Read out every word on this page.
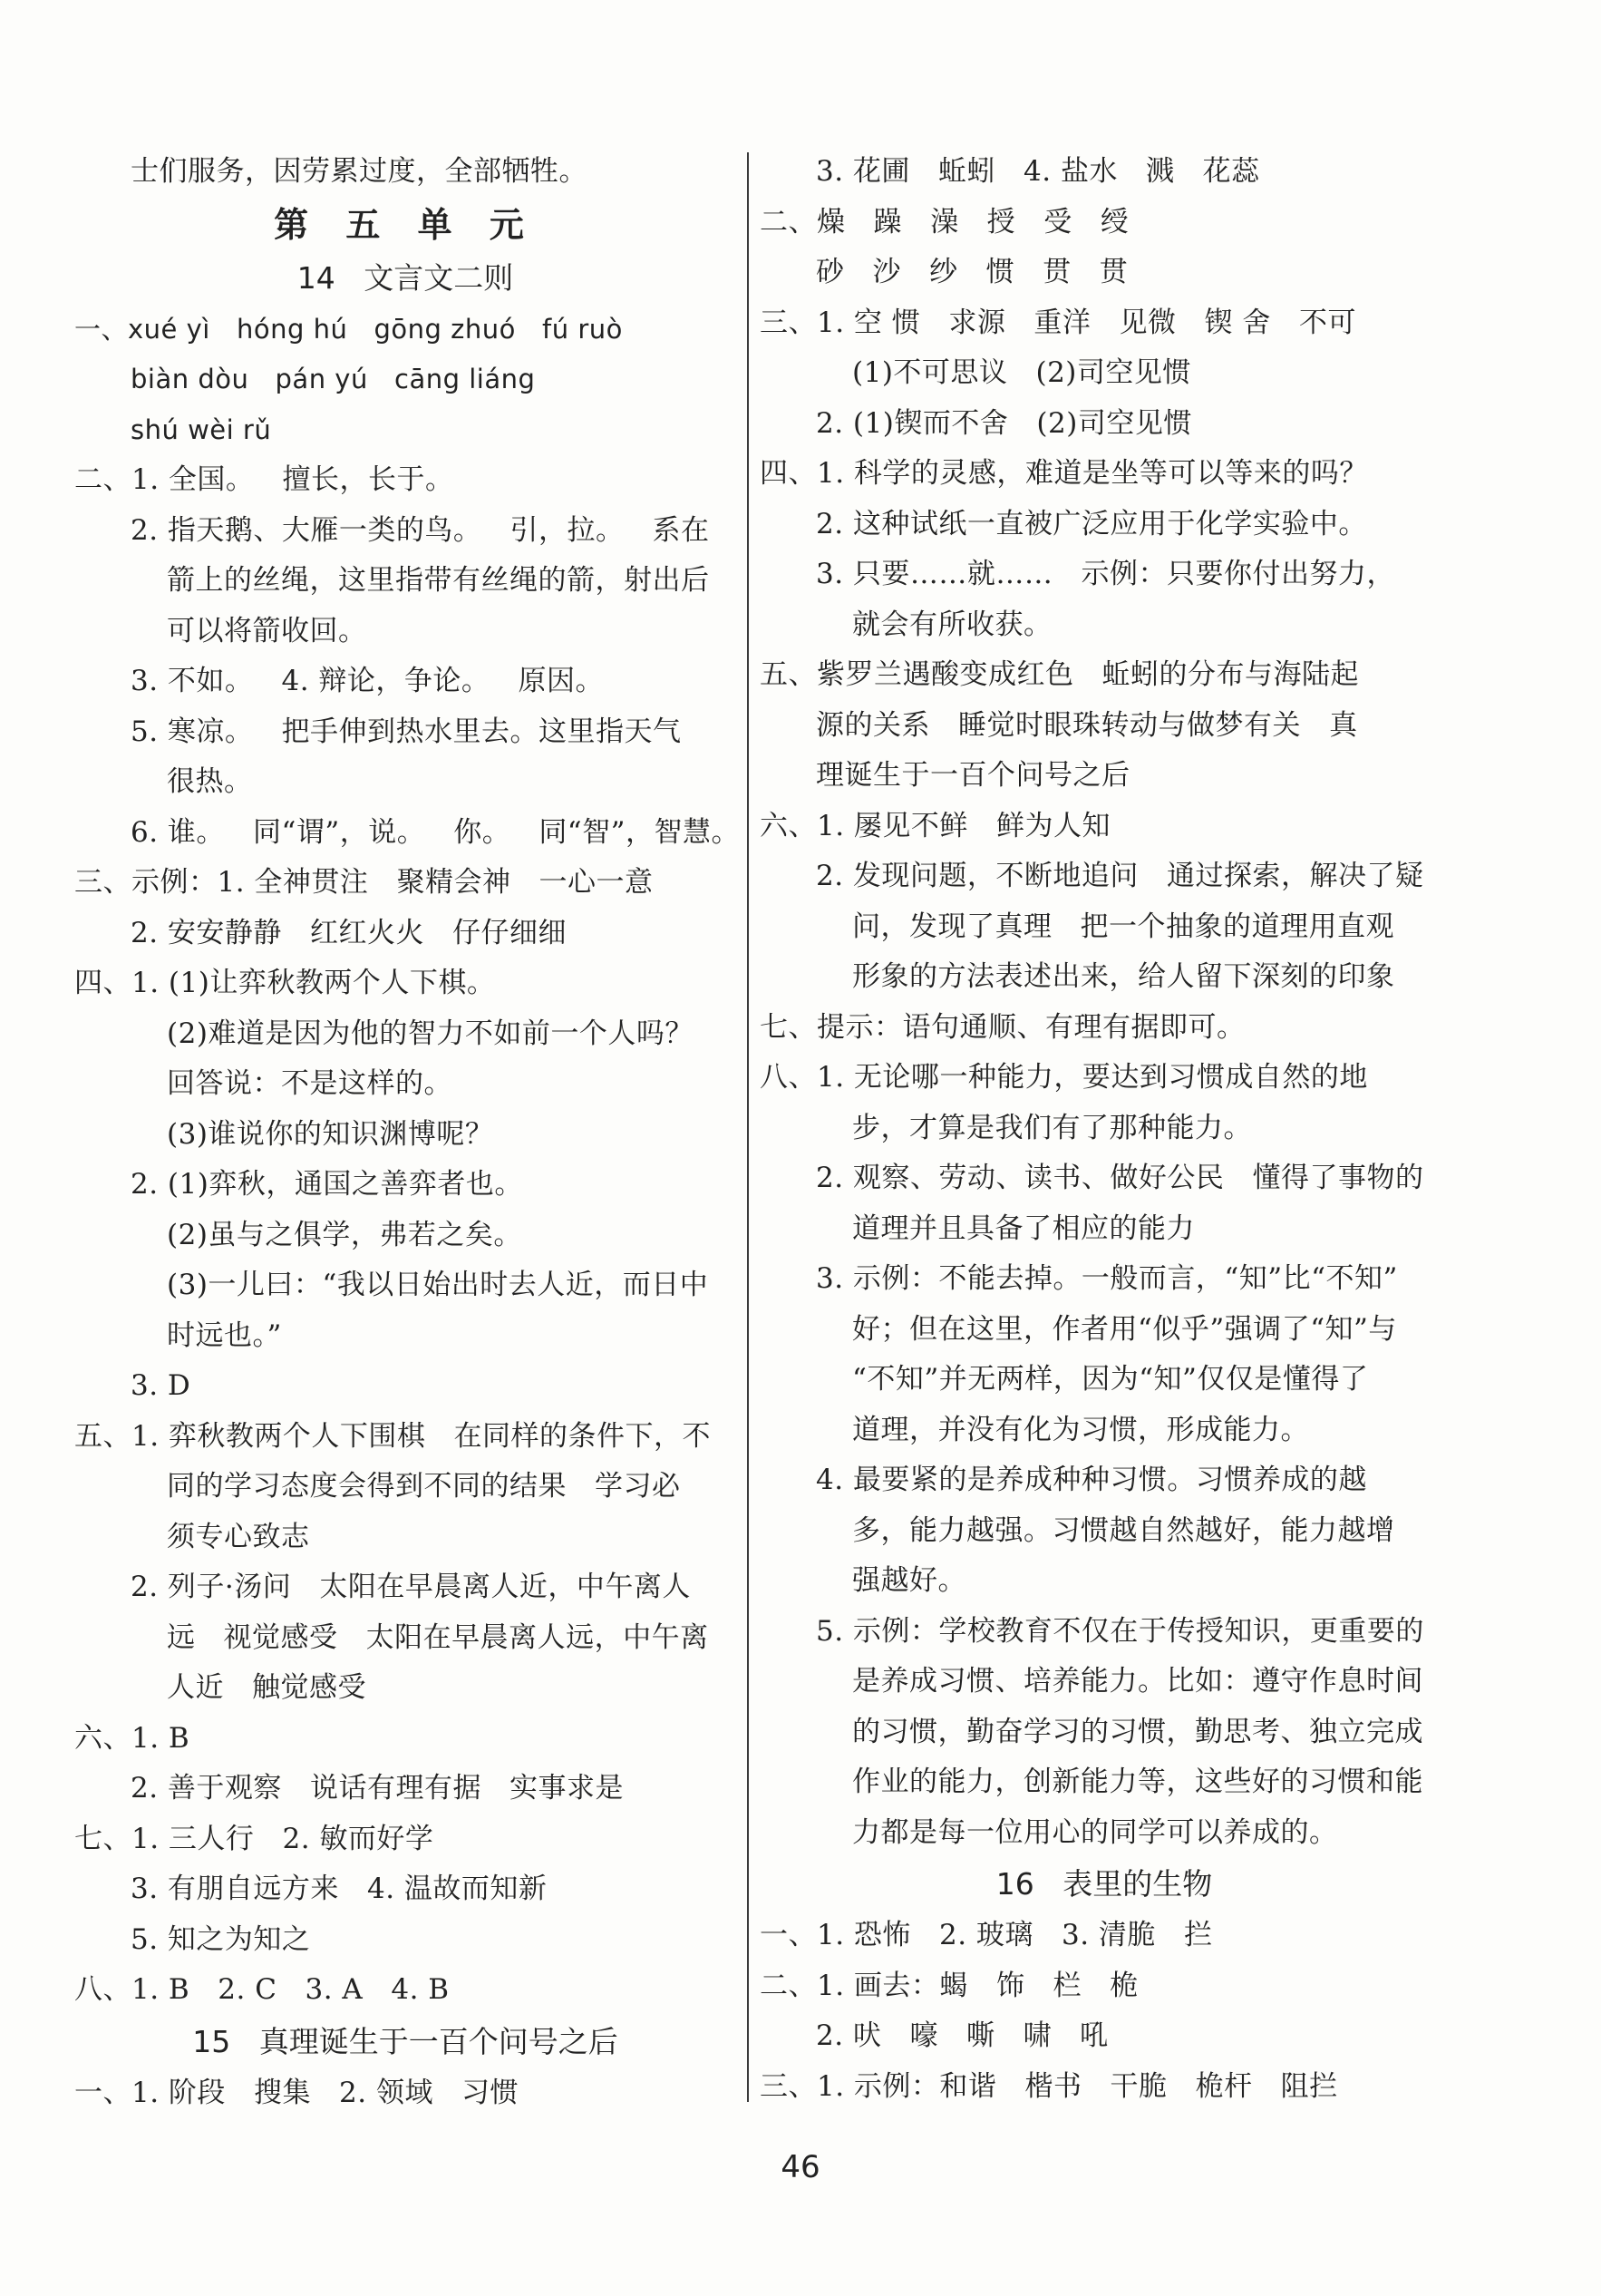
士们服务，因劳累过度，全部牺牲。
第 五 单 元
14   文言文二则
一、xué yì   hóng hú   gōng zhuó   fú ruò
biàn dòu   pán yú   cāng liáng
shú wèi rǔ
二、1. 全国。   擅长，长于。
2. 指天鹅、大雁一类的鸟。   引，拉。   系在
箭上的丝绳，这里指带有丝绳的箭，射出后
可以将箭收回。
3. 不如。   4. 辩论，争论。   原因。
5. 寒凉。   把手伸到热水里去。这里指天气
很热。
6. 谁。   同“谓”，说。   你。   同“智”，智慧。
三、示例：1. 全神贯注   聚精会神   一心一意
2. 安安静静   红红火火   仔仔细细
四、1. (1)让弈秋教两个人下棋。
(2)难道是因为他的智力不如前一个人吗？
回答说：不是这样的。
(3)谁说你的知识渊博呢？
2. (1)弈秋，通国之善弈者也。
(2)虽与之俱学，弗若之矣。
(3)一儿曰：“我以日始出时去人近，而日中
时远也。”
3. D
五、1. 弈秋教两个人下围棋   在同样的条件下，不
同的学习态度会得到不同的结果   学习必
须专心致志
2. 列子·汤问   太阳在早晨离人近，中午离人
远   视觉感受   太阳在早晨离人远，中午离
人近   触觉感受
六、1. B
2. 善于观察   说话有理有据   实事求是
七、1. 三人行   2. 敏而好学
3. 有朋自远方来   4. 温故而知新
5. 知之为知之
八、1. B   2. C   3. A   4. B
15   真理诞生于一百个问号之后
一、1. 阶段   搜集   2. 领域   习惯
3. 花圃   蚯蚓   4. 盐水   溅   花蕊
二、燥   躁   澡   授   受   绶
砂   沙   纱   惯   贯   贯
三、1. 空 惯   求源   重洋   见微   锲 舍   不可
(1)不可思议   (2)司空见惯
2. (1)锲而不舍   (2)司空见惯
四、1. 科学的灵感，难道是坐等可以等来的吗？
2. 这种试纸一直被广泛应用于化学实验中。
3. 只要……就……   示例：只要你付出努力，
就会有所收获。
五、紫罗兰遇酸变成红色   蚯蚓的分布与海陆起
源的关系   睡觉时眼珠转动与做梦有关   真
理诞生于一百个问号之后
六、1. 屡见不鲜   鲜为人知
2. 发现问题，不断地追问   通过探索，解决了疑
问，发现了真理   把一个抽象的道理用直观
形象的方法表述出来，给人留下深刻的印象
七、提示：语句通顺、有理有据即可。
八、1. 无论哪一种能力，要达到习惯成自然的地
步，才算是我们有了那种能力。
2. 观察、劳动、读书、做好公民   懂得了事物的
道理并且具备了相应的能力
3. 示例：不能去掉。一般而言，“知”比“不知”
好；但在这里，作者用“似乎”强调了“知”与
“不知”并无两样，因为“知”仅仅是懂得了
道理，并没有化为习惯，形成能力。
4. 最要紧的是养成种种习惯。习惯养成的越
多，能力越强。习惯越自然越好，能力越增
强越好。
5. 示例：学校教育不仅在于传授知识，更重要的
是养成习惯、培养能力。比如：遵守作息时间
的习惯，勤奋学习的习惯，勤思考、独立完成
作业的能力，创新能力等，这些好的习惯和能
力都是每一位用心的同学可以养成的。
16   表里的生物
一、1. 恐怖   2. 玻璃   3. 清脆   拦
二、1. 画去：蝎   饰   栏   桅
2. 吠   嚎   嘶   啸   吼
三、1. 示例：和谐   楷书   干脆   桅杆   阻拦
46
